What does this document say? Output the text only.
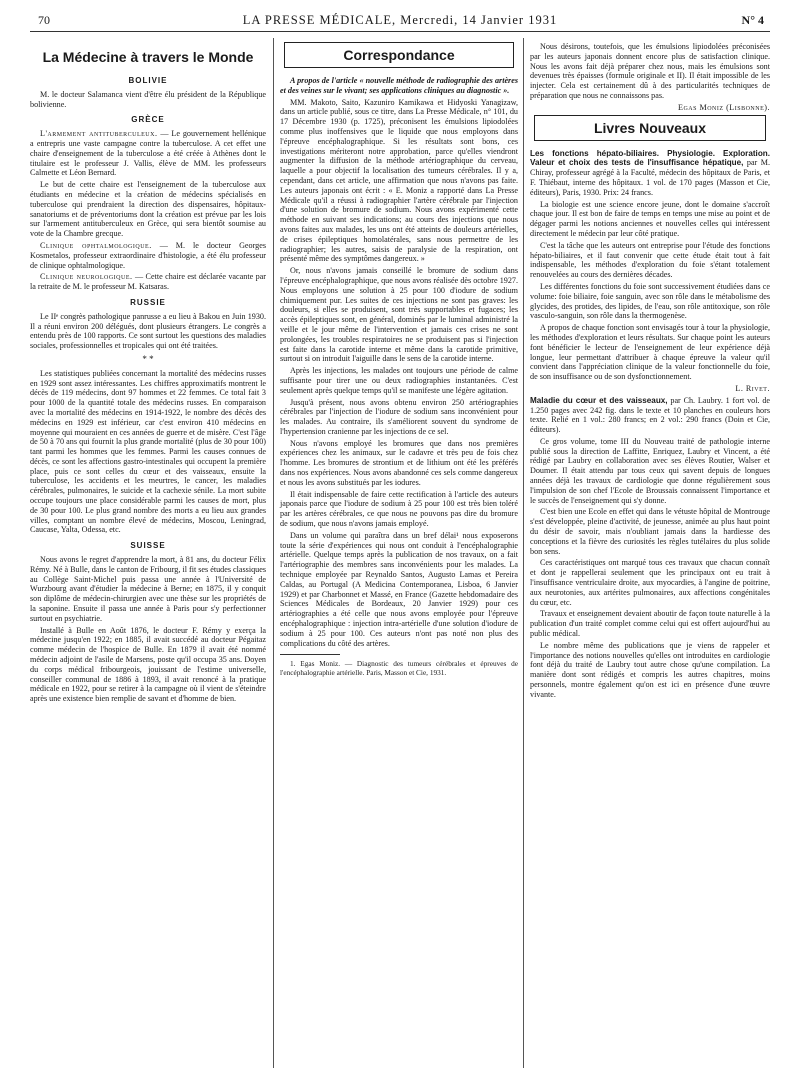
70	LA PRESSE MÉDICALE, Mercredi, 14 Janvier 1931	N° 4
La Médecine à travers le Monde
BOLIVIE

M. le docteur Salamanca vient d'être élu président de la République bolivienne.

GRÈCE

L'armement antituberculeux. — Le gouvernement hellénique a entrepris une vaste campagne contre la tuberculose. A cet effet une chaire d'enseignement de la tuberculose a été créée à Athènes dont le titulaire est le professeur J. Vallis, élève de MM. les professeurs Calmette et Léon Bernard.

Le but de cette chaire est l'enseignement de la tuberculose aux étudiants en médecine et la création de médecins spécialisés en tuberculose qui prendraient la direction des dispensaires, hôpitaux-sanatoriums et de préventoriums dont la création est prévue par les lois sur l'armement antituberculeux en Grèce, qui sera bientôt soumise au vote de la Chambre grecque.

Clinique ophtalmologique. — M. le docteur Georges Kosmetalos, professeur extraordinaire d'histologie, a été élu professeur de clinique ophtalmologique.

Clinique neurologique. — Cette chaire est déclarée vacante par la retraite de M. le professeur M. Katsaras.

RUSSIE

Le IIᵉ congrès pathologique panrusse a eu lieu à Bakou en Juin 1930. Il a réuni environ 200 délégués, dont plusieurs étrangers. Le congrès a entendu près de 100 rapports. Ce sont surtout les questions des maladies sociales, professionnelles et tropicales qui ont été traitées.

* *

Les statistiques publiées concernant la mortalité des médecins russes en 1929 sont assez intéressantes. Les chiffres approximatifs montrent le décès de 119 médecins, dont 97 hommes et 22 femmes. Ce total fait 3 pour 1000 de la quantité totale des médecins russes. En comparaison avec la mortalité des médecins en 1914-1922, le nombre des décès des médecins en 1929 est inférieur, car c'est environ 410 médecins en moyenne qui mouraient en ces années de guerre et de misère. C'est l'âge de 50 à 70 ans qui fournit la plus grande mortalité (plus de 30 pour 100) tant parmi les hommes que les femmes. Parmi les causes connues de décès, ce sont les affections gastro-intestinales qui occupent la première place, puis ce sont celles du cœur et des vaisseaux, ensuite la tuberculose, les accidents et les meurtres, le cancer, les maladies cérébrales, pulmonaires, le suicide et la cachexie sénile. La mort subite occupe toujours une place considérable parmi les causes de mort, plus de 30 pour 100. Le plus grand nombre des morts a eu lieu aux grandes villes, comptant un nombre élevé de médecins, Moscou, Leningrad, Caucase, Yalta, Odessa, etc.

SUISSE

Nous avons le regret d'apprendre la mort, à 81 ans, du docteur Félix Rémy. Né à Bulle, dans le canton de Fribourg, il fit ses études classiques au Collège Saint-Michel puis passa une année à l'Université de Wurzbourg avant d'étudier la médecine à Berne; en 1875, il y conquit son diplôme de médecin-chirurgien avec une thèse sur les propriétés de la saponine. Ensuite il passa une année à Paris pour s'y perfectionner surtout en psychiatrie.

Installé à Bulle en Août 1876, le docteur F. Rémy y exerça la médecine jusqu'en 1922; en 1885, il avait succédé au docteur Pégaitaz comme médecin de l'hospice de Bulle. En 1879 il avait été nommé médecin adjoint de l'asile de Marsens, poste qu'il occupa 35 ans. Doyen du corps médical fribourgeois, jouissant de l'estime universelle, conseiller communal de 1886 à 1893, il avait renoncé à la pratique médicale en 1922, pour se retirer à la campagne où il vient de s'éteindre après une existence bien remplie de savant et d'homme de bien.

Correspondance

A propos de l'article « nouvelle méthode de radiographie des artères et des veines sur le vivant; ses applications cliniques au diagnostic ».

MM. Makoto, Saito, Kazuniro Kamikawa et Hidyoski Yanagizaw, dans un article publié, sous ce titre, dans La Presse Médicale, n° 101, du 17 Décembre 1930 (p. 1725), préconisent les émulsions lipiodolées comme plus inoffensives que le liquide que nous employons dans l'épreuve encéphalographique. Si les résultats sont bons, ces investigations mériteront notre approbation, parce qu'elles viendront augmenter la diffusion de la méthode artériographique du cerveau, laquelle a pour objectif la localisation des tumeurs cérébrales. Il y a, cependant, dans cet article, une affirmation que nous n'avons pas faite. Les auteurs japonais ont écrit : « E. Moniz a rapporté dans La Presse Médicale qu'il a réussi à radiographier l'artère cérébrale par l'injection d'une solution de bromure de sodium. Nous avons expérimenté cette méthode en suivant ses indications; au cours des injections que nous avons faites aux malades, les uns ont été atteints de douleurs artérielles, de crises épileptiques homolatérales, sans nous permettre de les radiographier; les autres, saisis de paralysie de la respiration, ont présenté même des symptômes dangereux. »

Or, nous n'avons jamais conseillé le bromure de sodium dans l'épreuve encéphalographique, que nous avons réalisée dès octobre 1927. Nous employons une solution à 25 pour 100 d'iodure de sodium chimiquement pur. Les suites de ces injections ne sont pas graves: les douleurs, si elles se produisent, sont très supportables et fugaces; les accès épileptiques sont, en général, dominés par le luminal administré la veille et le jour même de l'intervention et jamais ces crises ne sont prolongées, les troubles respiratoires ne se produisent pas si l'injection est faite dans la carotide interne et même dans la carotide primitive, surtout si on introduit l'aiguille dans le sens de la carotide interne.

Après les injections, les malades ont toujours une période de calme suffisante pour tirer une ou deux radiographies instantanées. C'est seulement après quelque temps qu'il se manifeste une légère agitation.

Jusqu'à présent, nous avons obtenu environ 250 artériographies cérébrales par l'injection de l'iodure de sodium sans inconvénient pour les malades. Au contraire, ils s'améliorent souvent du syndrome de l'hypertension cranienne par les injections de ce sel.

Nous n'avons employé les bromures que dans nos premières expériences chez les animaux, sur le cadavre et très peu de fois chez l'homme. Les bromures de strontium et de lithium ont été les préférés dans nos expériences. Nous avons abandonné ces sels comme dangereux et nous les avons substitués par les iodures.

Il était indispensable de faire cette rectification à l'article des auteurs japonais parce que l'iodure de sodium à 25 pour 100 est très bien toléré par les artères cérébrales, ce que nous ne pouvons pas dire du bromure de sodium, que nous n'avons jamais employé.

Dans un volume qui paraîtra dans un bref délai¹ nous exposerons toute la série d'expériences qui nous ont conduit à l'encéphalographie artérielle. Quelque temps après la publication de nos travaux, on a fait l'artériographie des membres sans inconvénients pour les malades. La technique employée par Reynaldo Santos, Augusto Lamas et Pereira Caldas, au Portugal (A Medicina Contemporanea, Lisboa, 6 Janvier 1929) et par Charbonnet et Massé, en France (Gazette hebdomadaire des Sciences Médicales de Bordeaux, 20 Janvier 1929) pour ces artériographies a été celle que nous avons employée pour l'épreuve encéphalographique : injection intra-artérielle d'une solution d'iodure de sodium à 25 pour 100. Ces auteurs n'ont pas noté non plus des complications du côté des artères.

1. Egas Moniz. — Diagnostic des tumeurs cérébrales et épreuves de l'encéphalographie artérielle. Paris, Masson et Cie, 1931.

Nous désirons, toutefois, que les émulsions lipiodolées préconisées par les auteurs japonais donnent encore plus de satisfaction clinique. Nous les avons fait déjà préparer chez nous, mais les émulsions sont devenues très épaisses (formule originale et II). Il était impossible de les injecter. Cela est certainement dû à des particularités techniques de préparation que nous ne connaissons pas.

Egas Moniz (Lisbonne).

Livres Nouveaux

Les fonctions hépato-biliaires. Physiologie. Exploration. Valeur et choix des tests de l'insuffisance hépatique, par M. Chiray, professeur agrégé à la Faculté, médecin des hôpitaux de Paris, et F. Thiébaut, interne des hôpitaux. 1 vol. de 170 pages (Masson et Cie, éditeurs), Paris, 1930. Prix: 24 francs.

La biologie est une science encore jeune, dont le domaine s'accroît chaque jour. Il est bon de faire de temps en temps une mise au point et de dégager parmi les notions anciennes et nouvelles celles qui intéressent directement le médecin par leur côté pratique.

C'est la tâche que les auteurs ont entreprise pour l'étude des fonctions hépato-biliaires, et il faut convenir que cette étude était tout à fait indispensable, les méthodes d'exploration du foie s'étant totalement renouvelées au cours des dernières décades.

Les différentes fonctions du foie sont successivement étudiées dans ce volume: foie biliaire, foie sanguin, avec son rôle dans le métabolisme des glycides, des protides, des lipides, de l'eau, son rôle antitoxique, son rôle vasculo-sanguin, son rôle dans la thermogenèse.

A propos de chaque fonction sont envisagés tour à tour la physiologie, les méthodes d'exploration et leurs résultats. Sur chaque point les auteurs font bénéficier le lecteur de l'enseignement de leur expérience déjà longue, leur permettant d'attribuer à chaque épreuve la valeur qu'il convient dans l'appréciation clinique de la valeur fonctionnelle du foie, de son insuffisance ou de son dysfonctionnement.

L. Rivet.

Maladie du cœur et des vaisseaux, par Ch. Laubry. 1 fort vol. de 1.250 pages avec 242 fig. dans le texte et 10 planches en couleurs hors texte. Relié en 1 vol.: 280 francs; en 2 vol.: 290 francs (Doin et Cie, éditeurs).

Ce gros volume, tome III du Nouveau traité de pathologie interne publié sous la direction de Laffitte, Enriquez, Laubry et Vincent, a été rédigé par Laubry en collaboration avec ses élèves Routier, Walser et Doumer. Il était attendu par tous ceux qui savent depuis de longues années déjà les travaux de cardiologie que donne régulièrement sous l'impulsion de son chef l'Ecole de Broussais connaissent l'importance et le succès de l'enseignement qui s'y donne.

C'est bien une Ecole en effet qui dans le vétuste hôpital de Montrouge s'est développée, pleine d'activité, de jeunesse, animée au plus haut point du désir de savoir, mais n'oubliant jamais dans la hardiesse des conceptions et la fièvre des curiosités les règles tutélaires du plus solide bon sens.

Ces caractéristiques ont marqué tous ces travaux que chacun connaît et dont je rappellerai seulement que les principaux ont eu trait à l'insuffisance ventriculaire droite, aux myocardies, à l'angine de poitrine, aux neurotonies, aux artérites pulmonaires, aux affections congénitales du cœur, etc.

Travaux et enseignement devaient aboutir de façon toute naturelle à la publication d'un traité complet comme celui qui est offert aujourd'hui au public médical.

Le nombre même des publications que je viens de rappeler et l'importance des notions nouvelles qu'elles ont introduites en cardiologie font déjà du traité de Laubry tout autre chose qu'une compilation. La manière dont sont rédigés et compris les autres chapitres, moins personnels, montre également qu'on est ici en présence d'une œuvre vivante.
